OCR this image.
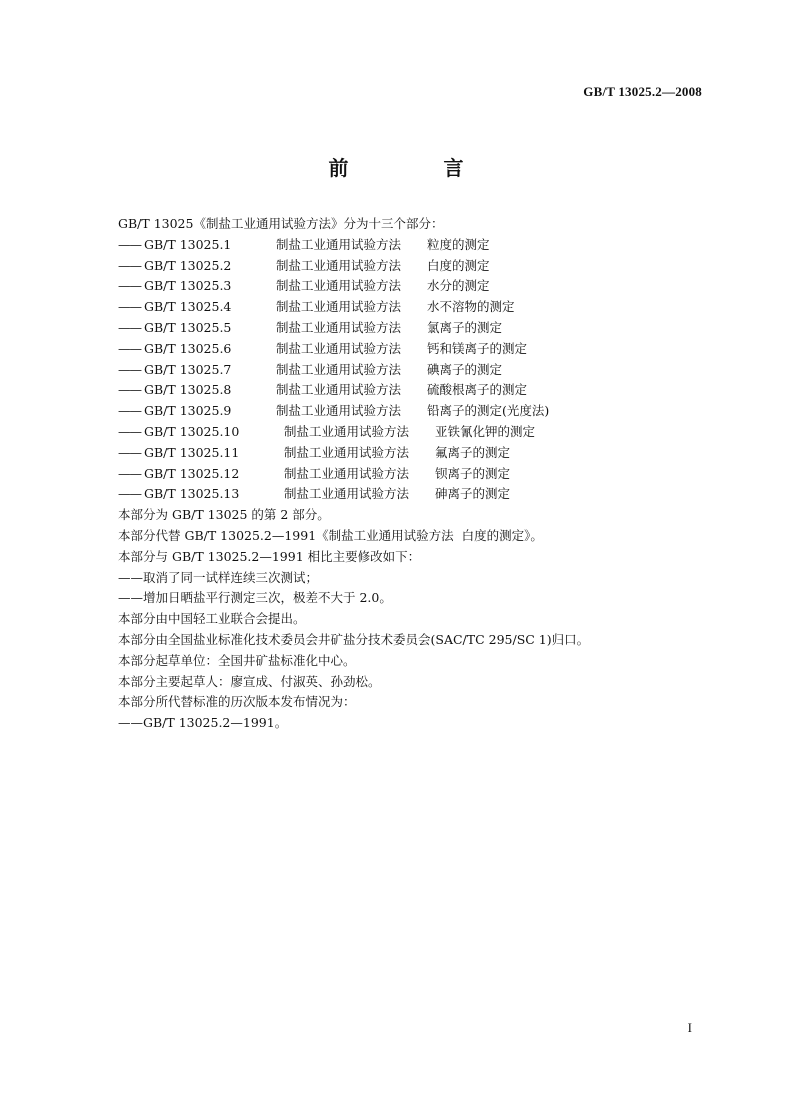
GB/T 13025.2—2008
前 言
GB/T 13025《制盐工业通用试验方法》分为十三个部分：
—— GB/T 13025.1	制盐工业通用试验方法 粒度的测定
—— GB/T 13025.2	制盐工业通用试验方法 白度的测定
—— GB/T 13025.3	制盐工业通用试验方法 水分的测定
—— GB/T 13025.4	制盐工业通用试验方法 水不溶物的测定
—— GB/T 13025.5	制盐工业通用试验方法 氯离子的测定
—— GB/T 13025.6	制盐工业通用试验方法 钙和镁离子的测定
—— GB/T 13025.7	制盐工业通用试验方法 碘离子的测定
—— GB/T 13025.8	制盐工业通用试验方法 硫酸根离子的测定
—— GB/T 13025.9	制盐工业通用试验方法 铅离子的测定(光度法)
—— GB/T 13025.10	制盐工业通用试验方法 亚铁氰化钾的测定
—— GB/T 13025.11	制盐工业通用试验方法 氟离子的测定
—— GB/T 13025.12	制盐工业通用试验方法 钡离子的测定
—— GB/T 13025.13	制盐工业通用试验方法 砷离子的测定
本部分为 GB/T 13025 的第 2 部分。
本部分代替 GB/T 13025.2—1991《制盐工业通用试验方法  白度的测定》。
本部分与 GB/T 13025.2—1991 相比主要修改如下：
——取消了同一试样连续三次测试；
——增加日晒盐平行测定三次，极差不大于 2.0。
本部分由中国轻工业联合会提出。
本部分由全国盐业标准化技术委员会井矿盐分技术委员会(SAC/TC 295/SC 1)归口。
本部分起草单位：全国井矿盐标准化中心。
本部分主要起草人：廖宣成、付淑英、孙劲松。
本部分所代替标准的历次版本发布情况为：
——GB/T 13025.2—1991。
I
